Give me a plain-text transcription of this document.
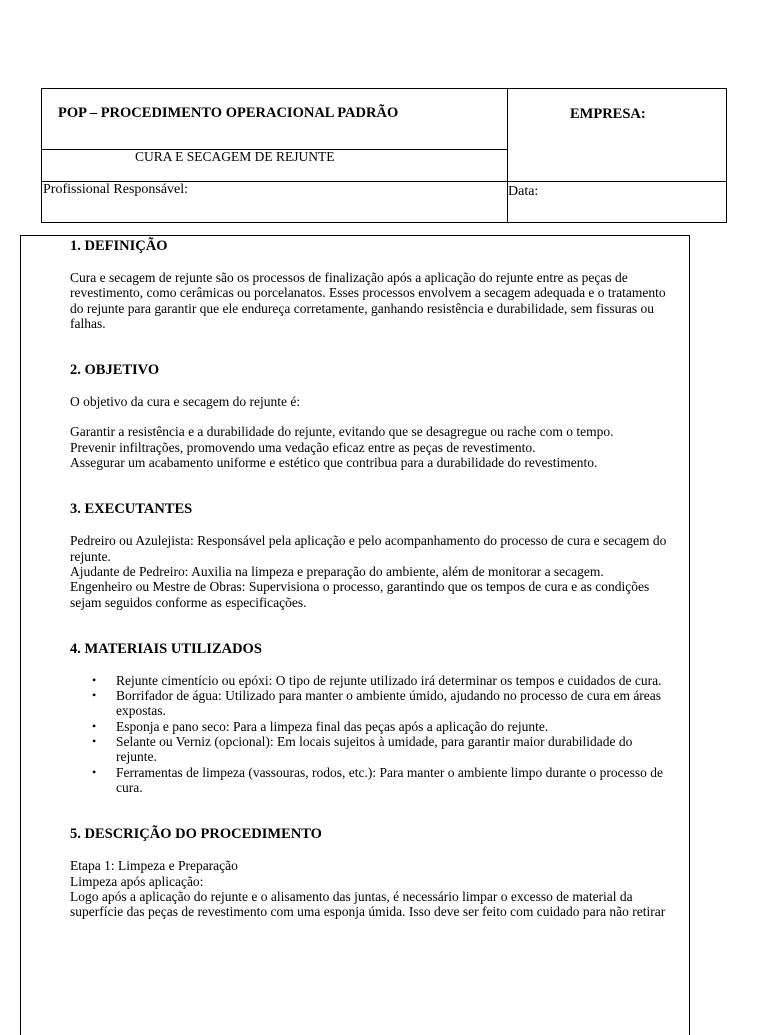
POP – PROCEDIMENTO OPERACIONAL PADRÃO	EMPRESA:
CURA E SECAGEM DE REJUNTE
Profissional Responsável:	Data:
1. DEFINIÇÃO

Cura e secagem de rejunte são os processos de finalização após a aplicação do rejunte entre as peças de

revestimento, como cerâmicas ou porcelanatos. Esses processos envolvem a secagem adequada e o tratamento

do rejunte para garantir que ele endureça corretamente, ganhando resistência e durabilidade, sem fissuras ou

falhas.

2. OBJETIVO

O objetivo da cura e secagem do rejunte é:

Garantir a resistência e a durabilidade do rejunte, evitando que se desagregue ou rache com o tempo.

Prevenir infiltrações, promovendo uma vedação eficaz entre as peças de revestimento.

Assegurar um acabamento uniforme e estético que contribua para a durabilidade do revestimento.

3. EXECUTANTES

Pedreiro ou Azulejista: Responsável pela aplicação e pelo acompanhamento do processo de cura e secagem do

rejunte.

Ajudante de Pedreiro: Auxilia na limpeza e preparação do ambiente, além de monitorar a secagem.

Engenheiro ou Mestre de Obras: Supervisiona o processo, garantindo que os tempos de cura e as condições

sejam seguidos conforme as especificações.

4. MATERIAIS UTILIZADOS
• Rejunte cimentício ou epóxi: O tipo de rejunte utilizado irá determinar os tempos e cuidados de cura.
• Borrifador de água: Utilizado para manter o ambiente úmido, ajudando no processo de cura em áreas
expostas.
• Esponja e pano seco: Para a limpeza final das peças após a aplicação do rejunte.
• Selante ou Verniz (opcional): Em locais sujeitos à umidade, para garantir maior durabilidade do
rejunte.
• Ferramentas de limpeza (vassouras, rodos, etc.): Para manter o ambiente limpo durante o processo de
cura.
5. DESCRIÇÃO DO PROCEDIMENTO

Etapa 1: Limpeza e Preparação

Limpeza após aplicação:

Logo após a aplicação do rejunte e o alisamento das juntas, é necessário limpar o excesso de material da

superfície das peças de revestimento com uma esponja úmida. Isso deve ser feito com cuidado para não retirar
